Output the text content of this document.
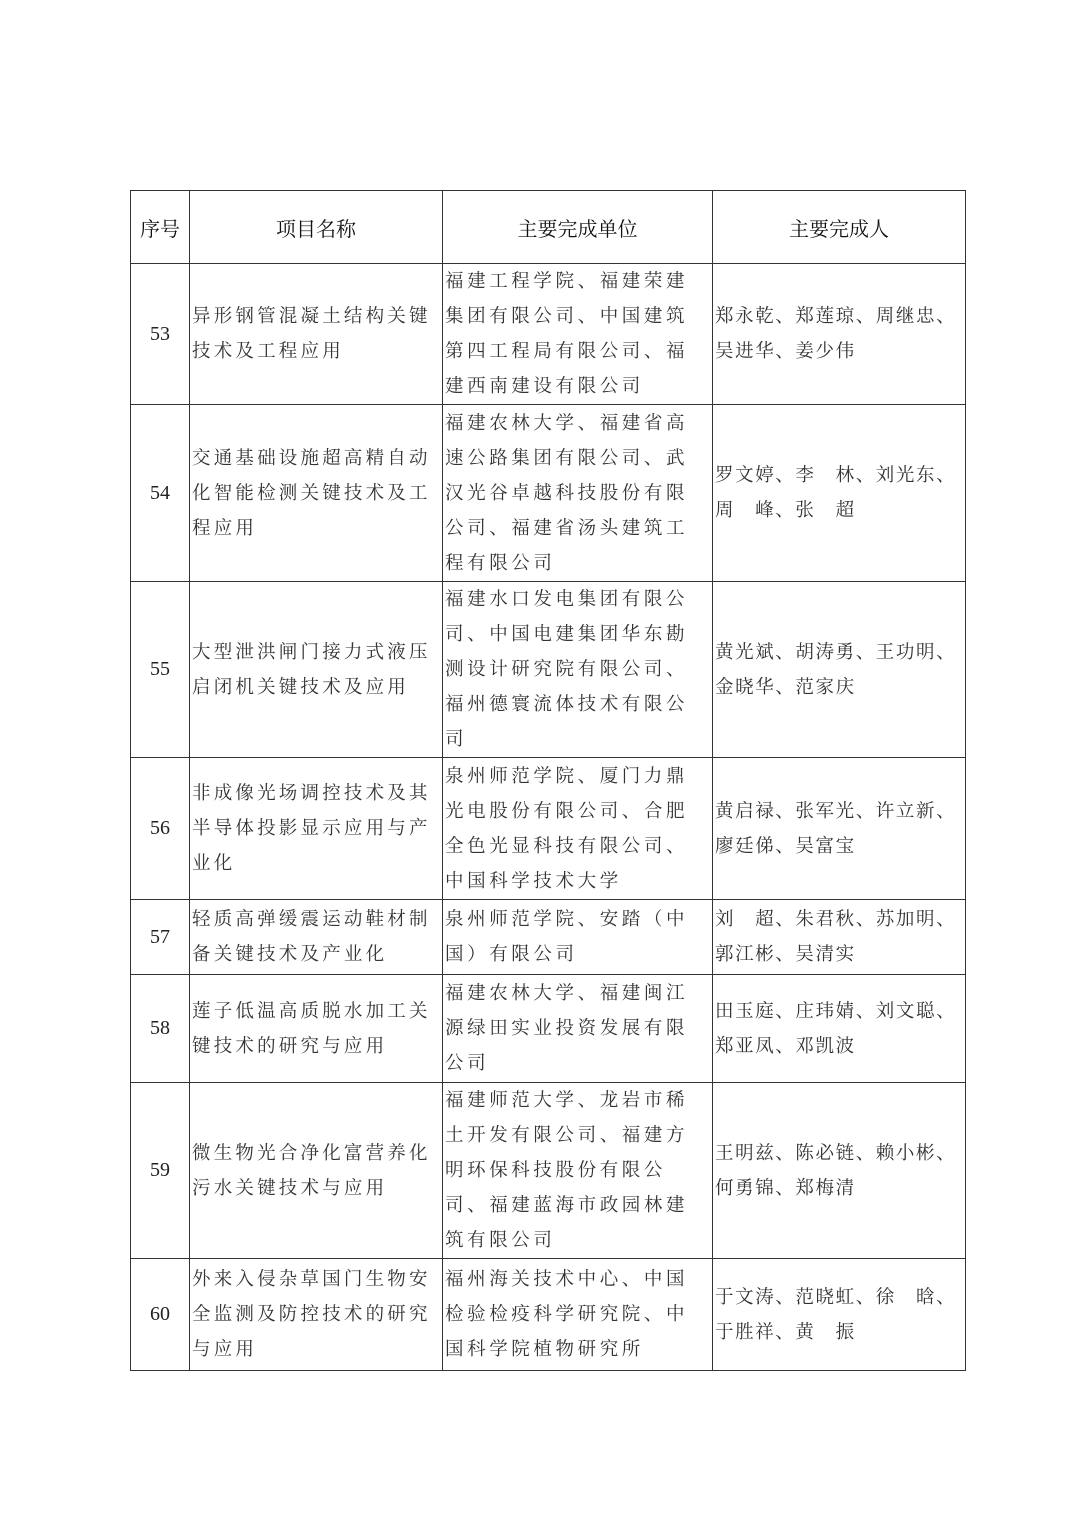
序号	项目名称	主要完成单位	主要完成人
53	异形钢管混凝土结构关键技术及工程应用	福建工程学院、福建荣建集团有限公司、中国建筑第四工程局有限公司、福建西南建设有限公司	郑永乾、郑莲琼、周继忠、吴进华、姜少伟
54	交通基础设施超高精自动化智能检测关键技术及工程应用	福建农林大学、福建省高速公路集团有限公司、武汉光谷卓越科技股份有限公司、福建省汤头建筑工程有限公司	罗文婷、李　林、刘光东、周　峰、张　超
55	大型泄洪闸门接力式液压启闭机关键技术及应用	福建水口发电集团有限公司、中国电建集团华东勘测设计研究院有限公司、福州德寰流体技术有限公司	黄光斌、胡涛勇、王功明、金晓华、范家庆
56	非成像光场调控技术及其半导体投影显示应用与产业化	泉州师范学院、厦门力鼎光电股份有限公司、合肥全色光显科技有限公司、中国科学技术大学	黄启禄、张军光、许立新、廖廷俤、吴富宝
57	轻质高弹缓震运动鞋材制备关键技术及产业化	泉州师范学院、安踏（中国）有限公司	刘　超、朱君秋、苏加明、郭江彬、吴清实
58	莲子低温高质脱水加工关键技术的研究与应用	福建农林大学、福建闽江源绿田实业投资发展有限公司	田玉庭、庄玮婧、刘文聪、郑亚凤、邓凯波
59	微生物光合净化富营养化污水关键技术与应用	福建师范大学、龙岩市稀土开发有限公司、福建方明环保科技股份有限公司、福建蓝海市政园林建筑有限公司	王明兹、陈必链、赖小彬、何勇锦、郑梅清
60	外来入侵杂草国门生物安全监测及防控技术的研究与应用	福州海关技术中心、中国检验检疫科学研究院、中国科学院植物研究所	于文涛、范晓虹、徐　晗、于胜祥、黄　振
